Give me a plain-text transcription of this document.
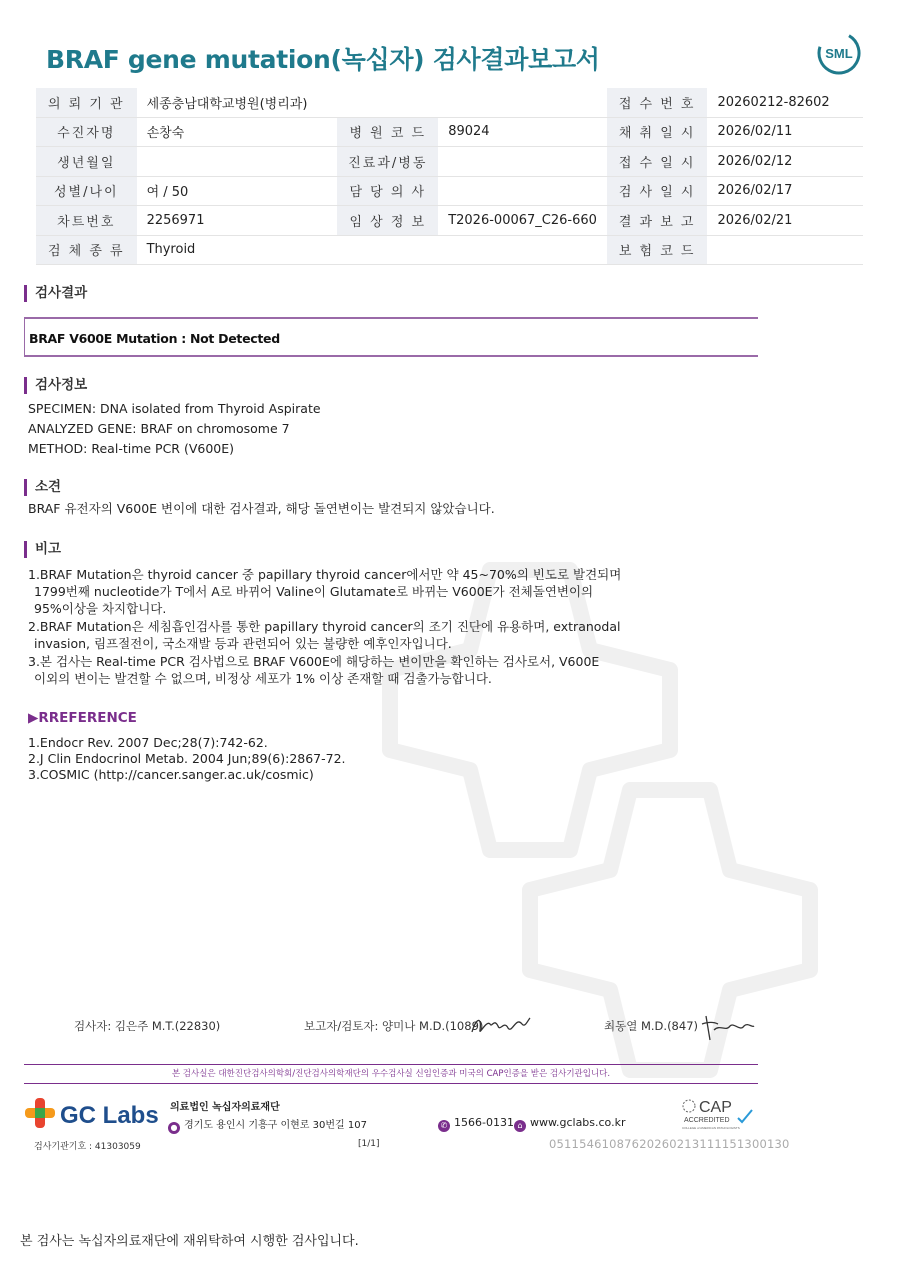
BRAF gene mutation(녹십자) 검사결과보고서	SML
의 뢰 기 관	세종충남대학교병원(병리과)			접 수 번 호	20260212-82602
수진자명	손창숙	병 원 코 드	89024	채 취 일 시	2026/02/11
생년월일		진료과/병동		접 수 일 시	2026/02/12
성별/나이	여 / 50	담 당 의 사		검 사 일 시	2026/02/17
차트번호	2256971	임 상 정 보	T2026-00067_C26-660	결 과 보 고	2026/02/21
검 체 종 류	Thyroid			보 험 코 드	
검사결과
BRAF V600E Mutation : Not Detected
검사정보
SPECIMEN: DNA isolated from Thyroid Aspirate
ANALYZED GENE: BRAF on chromosome 7
METHOD: Real-time PCR (V600E)
소견
BRAF 유전자의 V600E 변이에 대한 검사결과, 해당 돌연변이는 발견되지 않았습니다.
비고
1.BRAF Mutation은 thyroid cancer 중 papillary thyroid cancer에서만 약 45~70%의 빈도로 발견되며
1799번째 nucleotide가 T에서 A로 바뀌어 Valine이 Glutamate로 바뀌는 V600E가 전체돌연변이의
95%이상을 차지합니다.
2.BRAF Mutation은 세침흡인검사를 통한 papillary thyroid cancer의 조기 진단에 유용하며, extranodal
invasion, 림프절전이, 국소재발 등과 관련되어 있는 불량한 예후인자입니다.
3.본 검사는 Real-time PCR 검사법으로 BRAF V600E에 해당하는 변이만을 확인하는 검사로서, V600E
이외의 변이는 발견할 수 없으며, 비정상 세포가 1% 이상 존재할 때 검출가능합니다.
▶RREFERENCE
1.Endocr Rev. 2007 Dec;28(7):742-62.
2.J Clin Endocrinol Metab. 2004 Jun;89(6):2867-72.
3.COSMIC (http://cancer.sanger.ac.uk/cosmic)
검사자: 김은주 M.T.(22830)	보고자/검토자: 양미나 M.D.(1089)	최동열 M.D.(847)
본 검사실은 대한진단검사의학회/진단검사의학재단의 우수검사실 신임인증과 미국의 CAP인증을 받은 검사기관입니다.
GC Labs 의료법인 녹십자의료재단
● 경기도 용인시 기흥구 이현로 30번길 107	✆ 1566-0131 ⌂ www.gclabs.co.kr
CAP
ACCREDITED
COLLEGE of AMERICAN PATHOLOGISTS
검사기관기호 : 41303059	[1/1]	05115461087620260213111151300130
본 검사는 녹십자의료재단에 재위탁하여 시행한 검사입니다.
